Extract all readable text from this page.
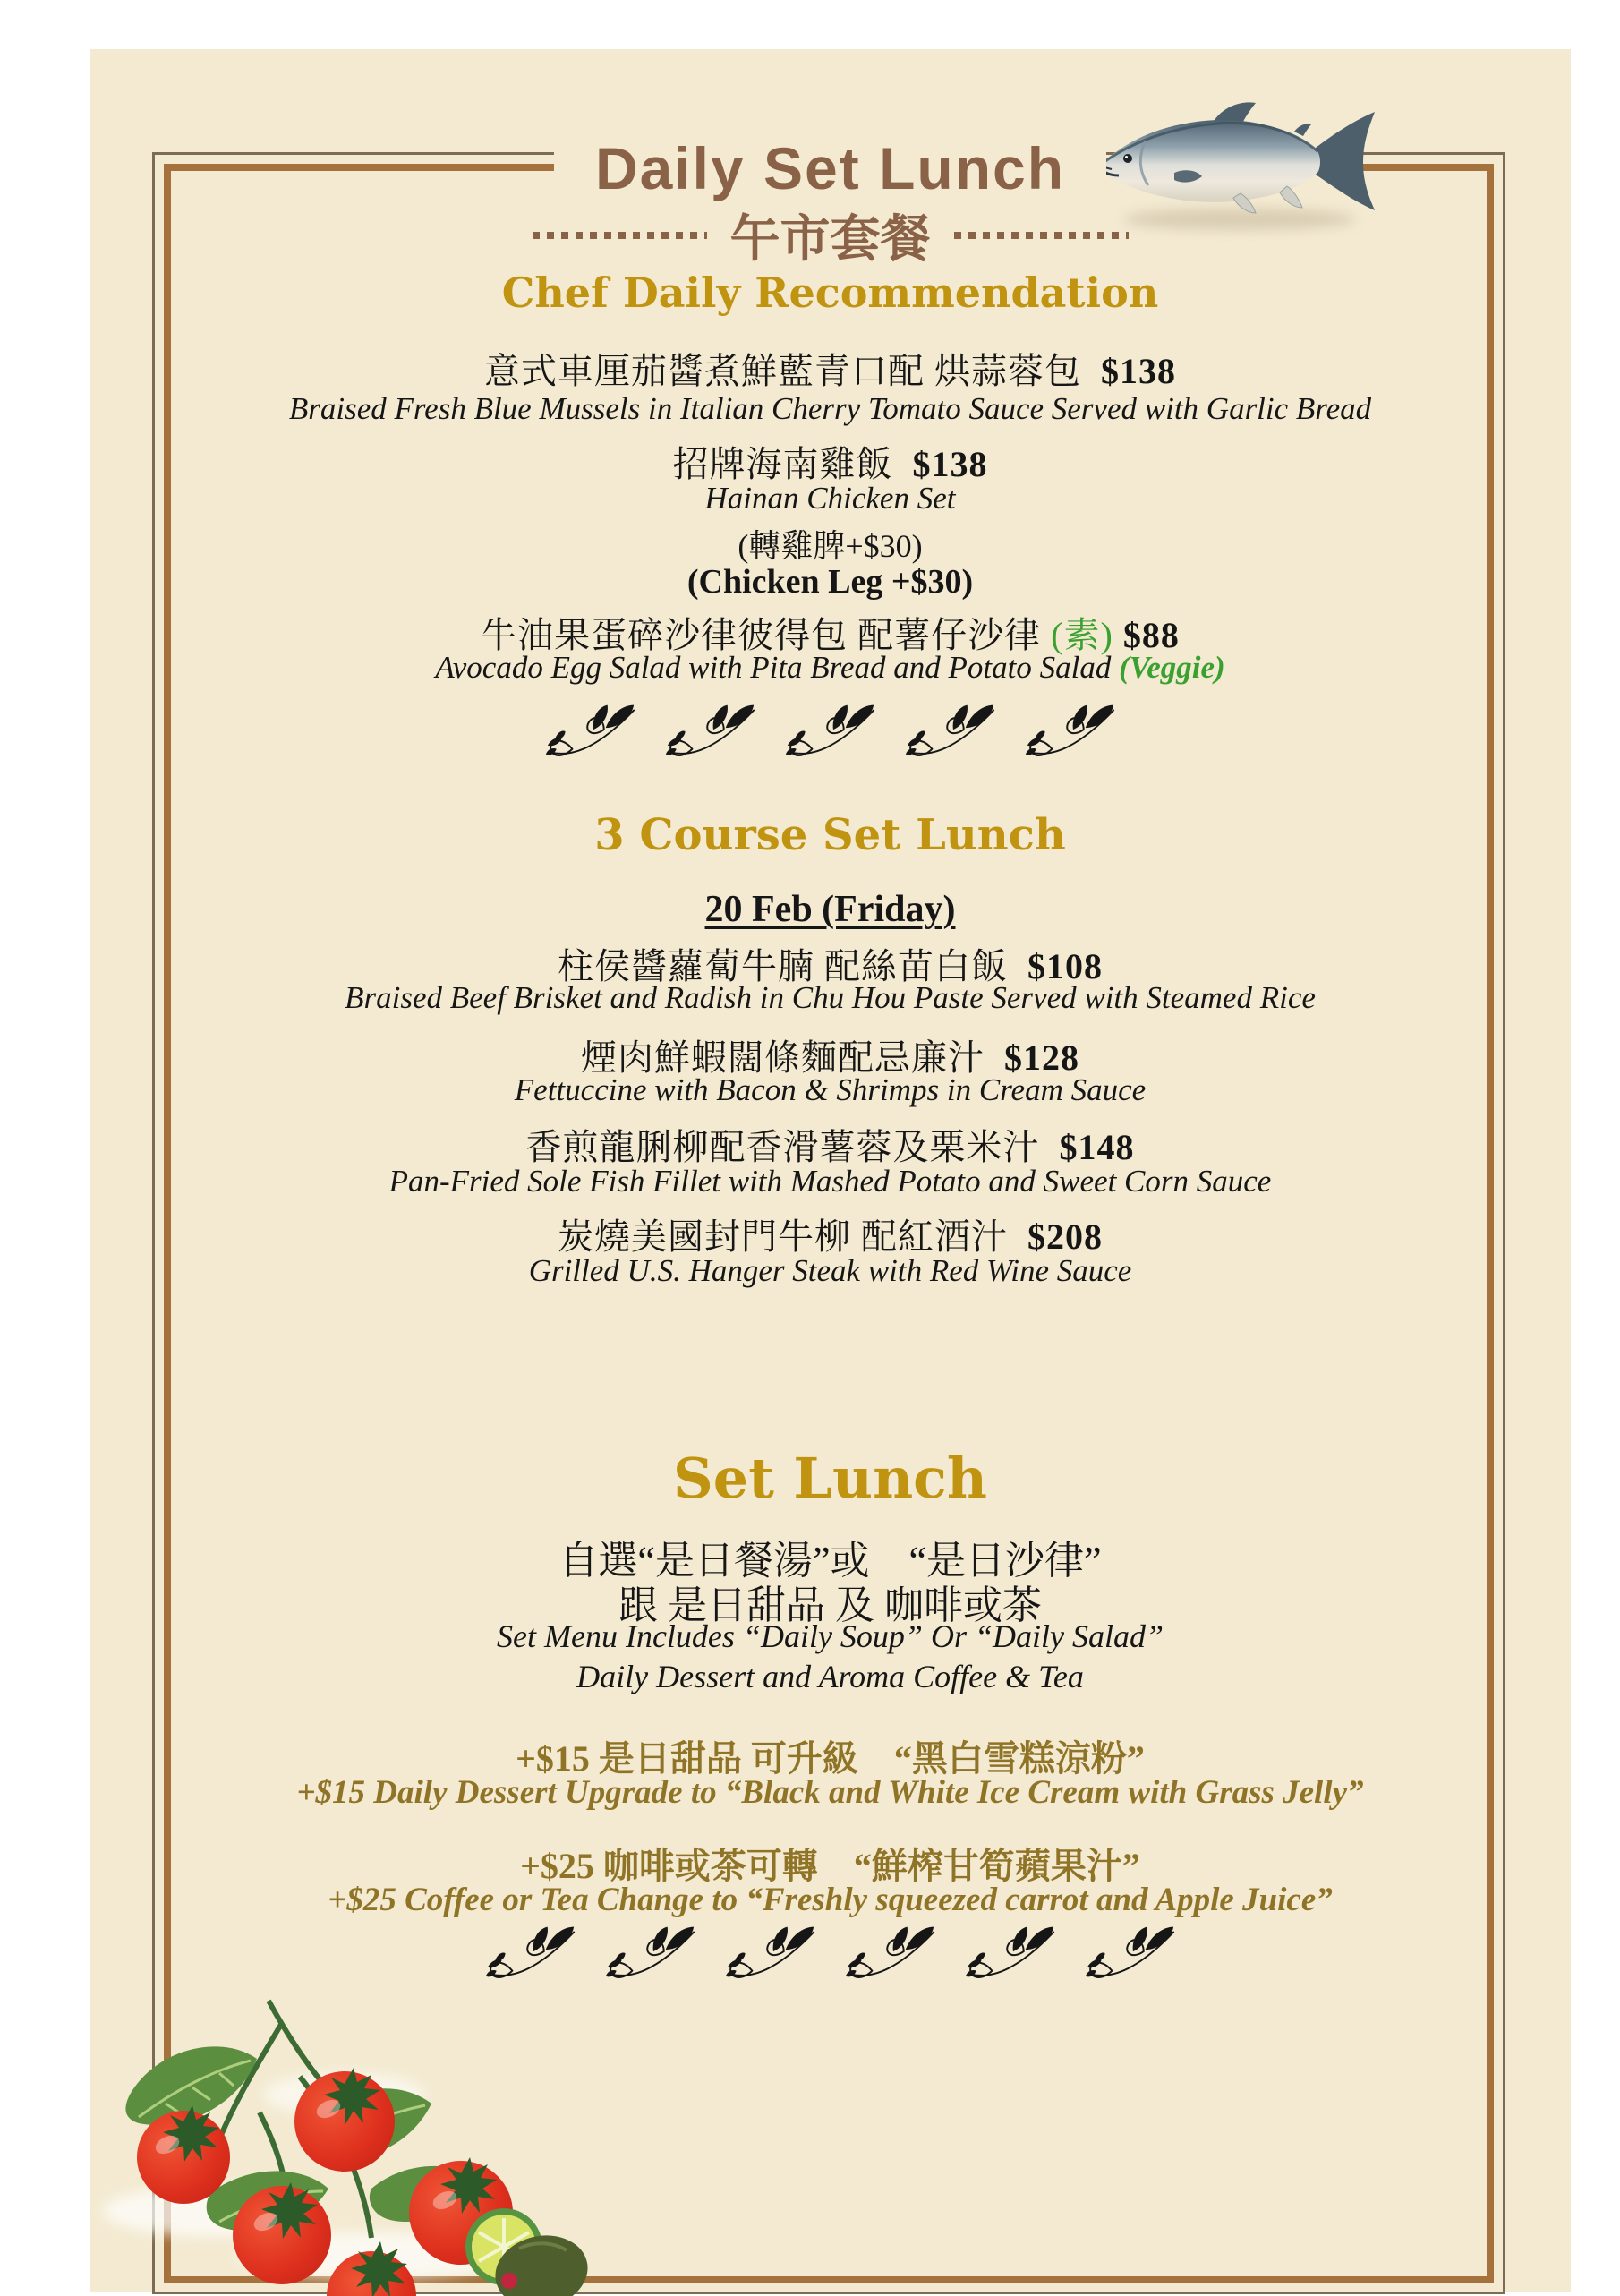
Daily Set Lunch
午市套餐
Chef Daily Recommendation
意式車厘茄醬煮鮮藍青口配 烘蒜蓉包 $138
Braised Fresh Blue Mussels in Italian Cherry Tomato Sauce Served with Garlic Bread
招牌海南雞飯 $138
Hainan Chicken Set
(轉雞脾+$30)
(Chicken Leg +$30)
牛油果蛋碎沙律彼得包 配薯仔沙律 (素) $88
Avocado Egg Salad with Pita Bread and Potato Salad (Veggie)
3 Course Set Lunch
20 Feb (Friday)
柱侯醬蘿蔔牛腩 配絲苗白飯 $108
Braised Beef Brisket and Radish in Chu Hou Paste Served with Steamed Rice
煙肉鮮蝦闊條麵配忌廉汁 $128
Fettuccine with Bacon & Shrimps in Cream Sauce
香煎龍脷柳配香滑薯蓉及栗米汁 $148
Pan-Fried Sole Fish Fillet with Mashed Potato and Sweet Corn Sauce
炭燒美國封門牛柳 配紅酒汁 $208
Grilled U.S. Hanger Steak with Red Wine Sauce
Set Lunch
自選“是日餐湯”或　“是日沙律”
跟 是日甜品 及 咖啡或茶
Set Menu Includes “Daily Soup” Or “Daily Salad”
Daily Dessert and Aroma Coffee & Tea
+$15 是日甜品 可升級　“黑白雪糕涼粉”
+$15 Daily Dessert Upgrade to “Black and White Ice Cream with Grass Jelly”
+$25 咖啡或茶可轉　“鮮榨甘筍蘋果汁”
+$25 Coffee or Tea Change to “Freshly squeezed carrot and Apple Juice”
